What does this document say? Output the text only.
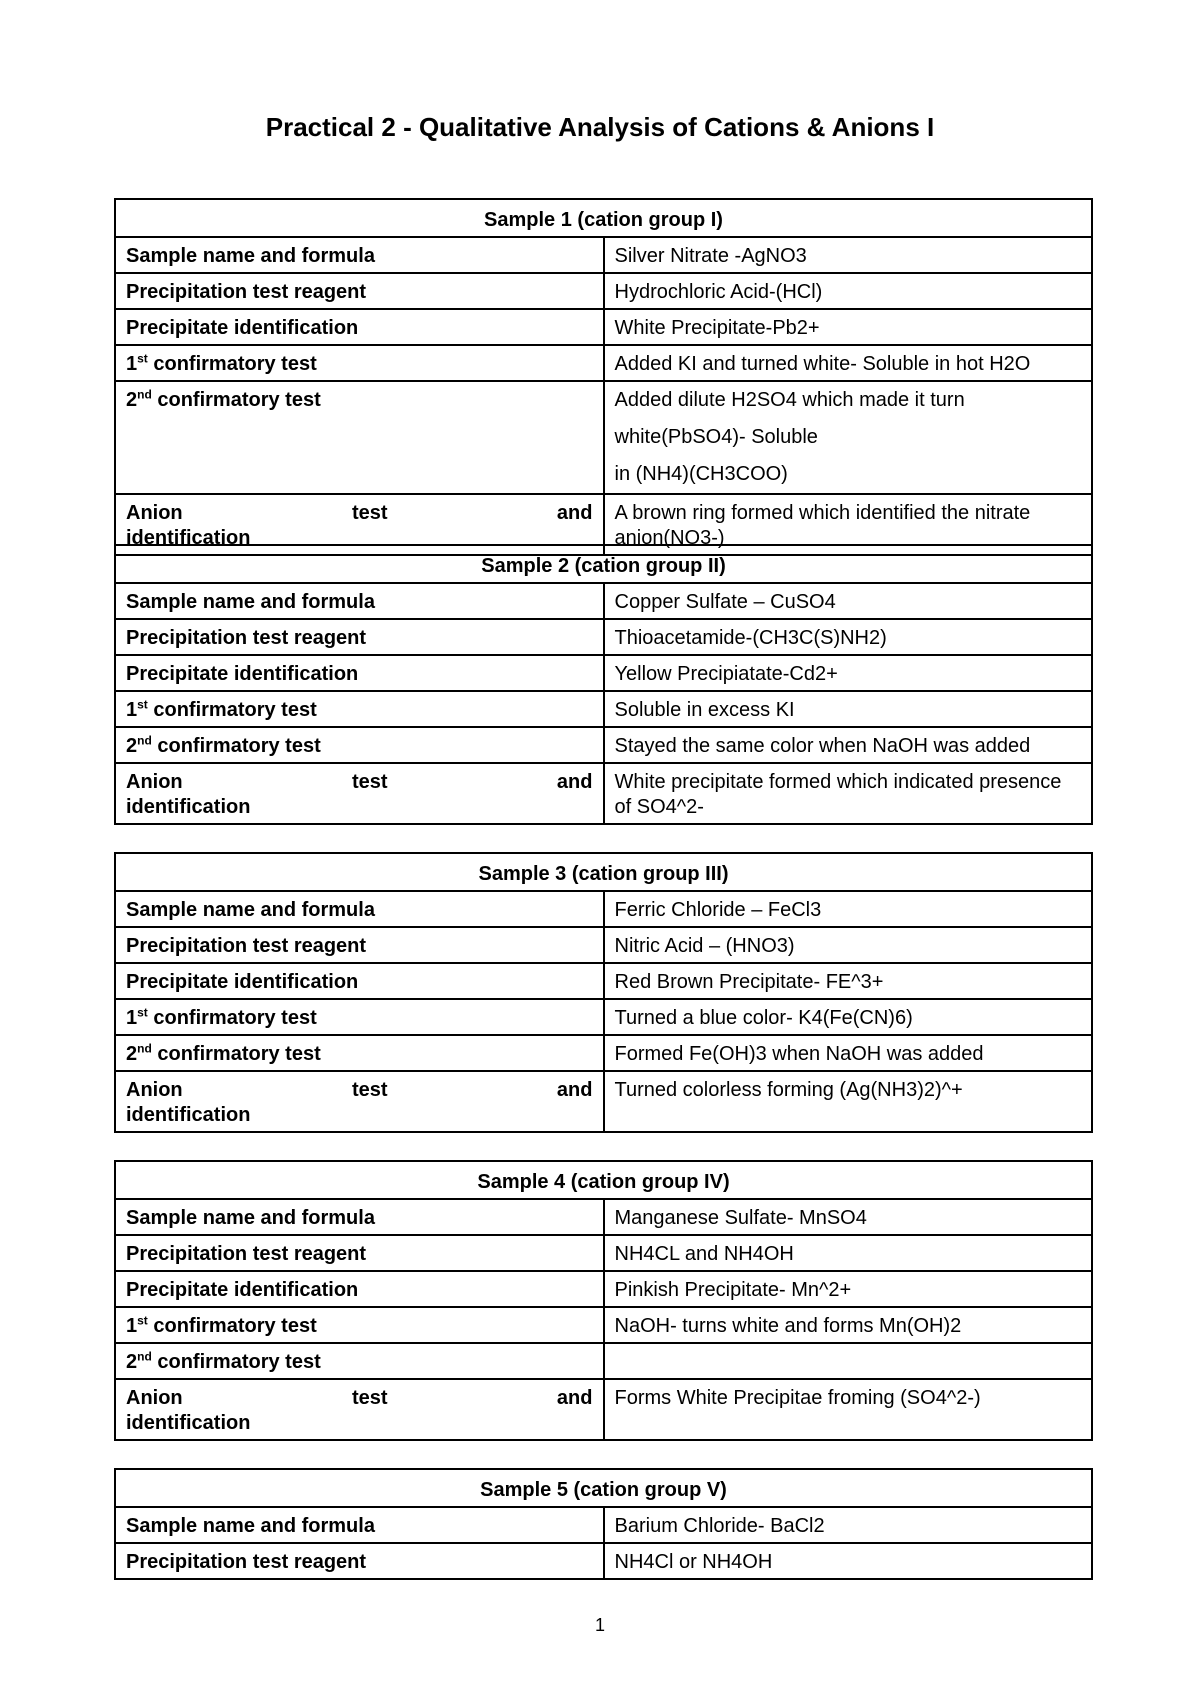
Practical 2 - Qualitative Analysis of Cations & Anions I
Sample 1 (cation group I)	
Sample name and formula	Silver Nitrate -AgNO3
Precipitation test reagent	Hydrochloric Acid-(HCl)
Precipitate identification	White Precipitate-Pb2+
1st confirmatory test	Added KI and turned white- Soluble in hot H2O
2nd confirmatory test	Added dilute H2SO4 which made it turn white(PbSO4)- Soluble
in (NH4)(CH3COO)

Anion test and
identification	A brown ring formed which identified the nitrate anion(NO3-)
Sample 2 (cation group II)	
Sample name and formula	Copper Sulfate – CuSO4
Precipitation test reagent	Thioacetamide-(CH3C(S)NH2)
Precipitate identification	Yellow Precipiatate-Cd2+
1st confirmatory test	Soluble in excess KI
2nd confirmatory test	Stayed the same color when NaOH was added

Anion test and
identification	White precipitate formed which indicated presence of SO4^2-
Sample 3 (cation group III)	
Sample name and formula	Ferric Chloride – FeCl3
Precipitation test reagent	Nitric Acid – (HNO3)
Precipitate identification	Red Brown Precipitate- FE^3+
1st confirmatory test	Turned a blue color- K4(Fe(CN)6)
2nd confirmatory test	Formed Fe(OH)3 when NaOH was added

Anion test and
identification	Turned colorless forming (Ag(NH3)2)^+
Sample 4 (cation group IV)	
Sample name and formula	Manganese Sulfate- MnSO4
Precipitation test reagent	NH4CL and NH4OH
Precipitate identification	Pinkish Precipitate- Mn^2+
1st confirmatory test	NaOH- turns white and forms Mn(OH)2
2nd confirmatory test	

Anion test and
identification	Forms White Precipitae froming (SO4^2-)
Sample 5 (cation group V)	
Sample name and formula	Barium Chloride- BaCl2
Precipitation test reagent	NH4Cl or NH4OH
1
